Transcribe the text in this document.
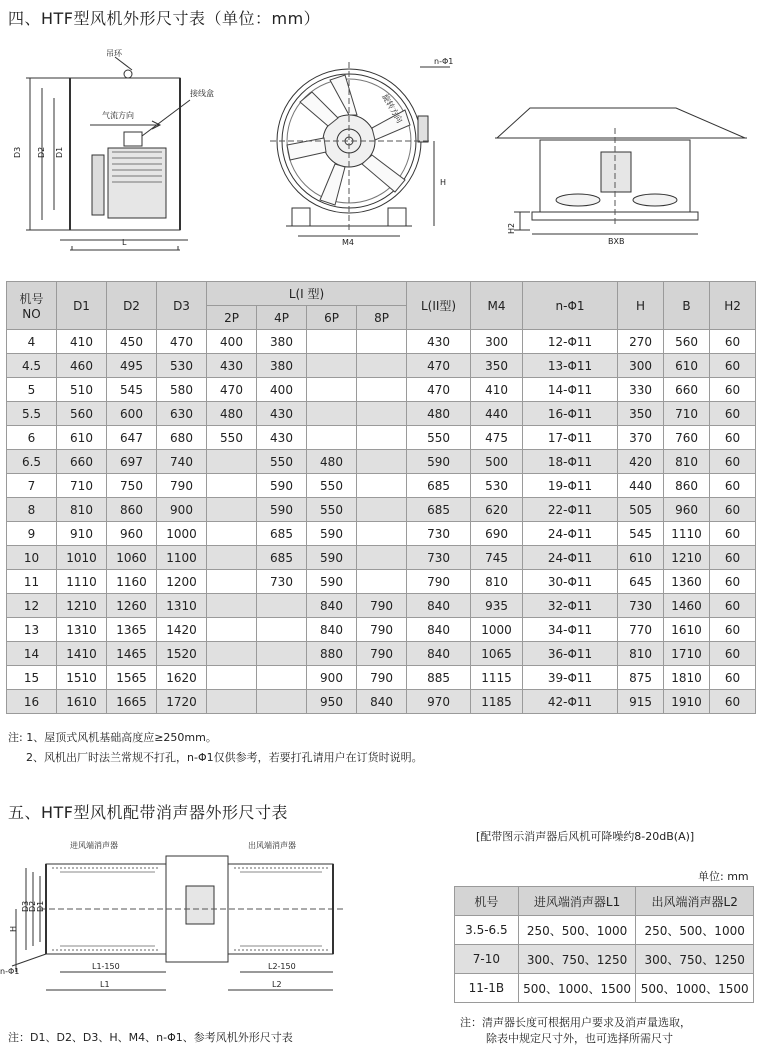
四、HTF型风机外形尺寸表（单位：mm）
吊环
气流方向
接线盒
D3 D2 D1
L
n-Φ1
旋转方向
H
M4
H2
BXB
机号
NO	D1	D2	D3	L(I 型)				L(II型)	M4	n-Φ1	H	B	H2
				2P	4P	6P	8P						
4	410	450	470	400	380			430	300	12-Φ11	270	560	60
4.5	460	495	530	430	380			470	350	13-Φ11	300	610	60
5	510	545	580	470	400			470	410	14-Φ11	330	660	60
5.5	560	600	630	480	430			480	440	16-Φ11	350	710	60
6	610	647	680	550	430			550	475	17-Φ11	370	760	60
6.5	660	697	740		550	480		590	500	18-Φ11	420	810	60
7	710	750	790		590	550		685	530	19-Φ11	440	860	60
8	810	860	900		590	550		685	620	22-Φ11	505	960	60
9	910	960	1000		685	590		730	690	24-Φ11	545	1110	60
10	1010	1060	1100		685	590		730	745	24-Φ11	610	1210	60
11	1110	1160	1200		730	590		790	810	30-Φ11	645	1360	60
12	1210	1260	1310			840	790	840	935	32-Φ11	730	1460	60
13	1310	1365	1420			840	790	840	1000	34-Φ11	770	1610	60
14	1410	1465	1520			880	790	840	1065	36-Φ11	810	1710	60
15	1510	1565	1620			900	790	885	1115	39-Φ11	875	1810	60
16	1610	1665	1720			950	840	970	1185	42-Φ11	915	1910	60
注: 1、屋顶式风机基础高度应≥250mm。
2、风机出厂时法兰常规不打孔，n-Φ1仅供参考，若要打孔请用户在订货时说明。
五、HTF型风机配带消声器外形尺寸表
进风端消声器	出风端消声器
H
D3
D2 D1
n-Φ1
L1-150
L1
L2-150
L2
[配带图示消声器后风机可降噪约8-20dB(A)]
单位: mm
机号	进风端消声器L1	出风端消声器L2
3.5-6.5	250、500、1000	250、500、1000
7-10	300、750、1250	300、750、1250
11-1B	500、1000、1500	500、1000、1500
注：D1、D2、D3、H、M4、n-Φ1、参考风机外形尺寸表
注：清声器长度可根据用户要求及消声量选取，
除表中规定尺寸外，也可选择所需尺寸
